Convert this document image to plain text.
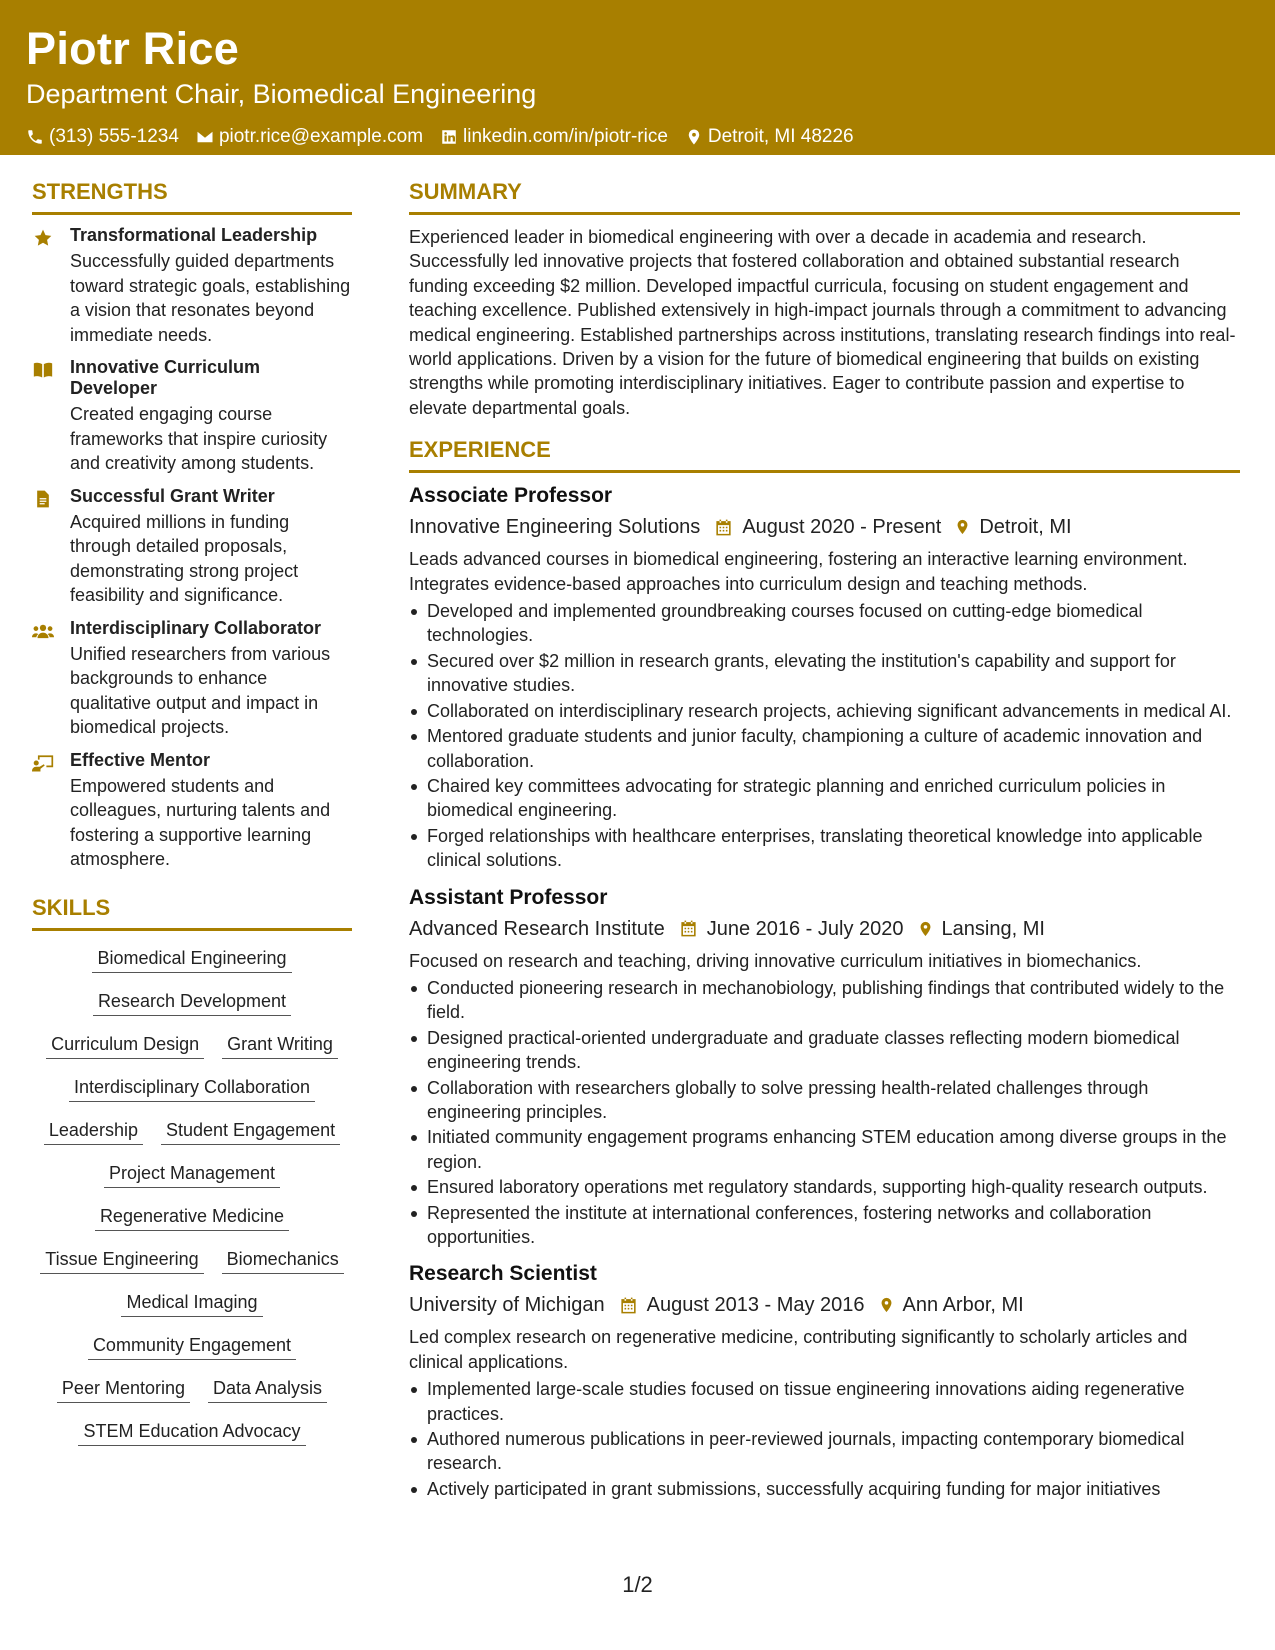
Piotr Rice
Department Chair, Biomedical Engineering
(313) 555-1234 piotr.rice@example.com linkedin.com/in/piotr-rice Detroit, MI 48226
STRENGTHS
Transformational Leadership
Successfully guided departments toward strategic goals, establishing a vision that resonates beyond immediate needs.
Innovative Curriculum Developer
Created engaging course frameworks that inspire curiosity and creativity among students.
Successful Grant Writer
Acquired millions in funding through detailed proposals, demonstrating strong project feasibility and significance.
Interdisciplinary Collaborator
Unified researchers from various backgrounds to enhance qualitative output and impact in biomedical projects.
Effective Mentor
Empowered students and colleagues, nurturing talents and fostering a supportive learning atmosphere.
SKILLS
Biomedical Engineering
Research Development
Curriculum Design Grant Writing
Interdisciplinary Collaboration
Leadership Student Engagement
Project Management
Regenerative Medicine
Tissue Engineering Biomechanics
Medical Imaging
Community Engagement
Peer Mentoring Data Analysis
STEM Education Advocacy
SUMMARY
Experienced leader in biomedical engineering with over a decade in academia and research. Successfully led innovative projects that fostered collaboration and obtained substantial research funding exceeding $2 million. Developed impactful curricula, focusing on student engagement and teaching excellence. Published extensively in high-impact journals through a commitment to advancing medical engineering. Established partnerships across institutions, translating research findings into real-world applications. Driven by a vision for the future of biomedical engineering that builds on existing strengths while promoting interdisciplinary initiatives. Eager to contribute passion and expertise to elevate departmental goals.
EXPERIENCE
Associate Professor
Innovative Engineering Solutions August 2020 - Present Detroit, MI
Leads advanced courses in biomedical engineering, fostering an interactive learning environment. Integrates evidence-based approaches into curriculum design and teaching methods.
Developed and implemented groundbreaking courses focused on cutting-edge biomedical technologies.
Secured over $2 million in research grants, elevating the institution's capability and support for innovative studies.
Collaborated on interdisciplinary research projects, achieving significant advancements in medical AI.
Mentored graduate students and junior faculty, championing a culture of academic innovation and collaboration.
Chaired key committees advocating for strategic planning and enriched curriculum policies in biomedical engineering.
Forged relationships with healthcare enterprises, translating theoretical knowledge into applicable clinical solutions.
Assistant Professor
Advanced Research Institute June 2016 - July 2020 Lansing, MI
Focused on research and teaching, driving innovative curriculum initiatives in biomechanics.
Conducted pioneering research in mechanobiology, publishing findings that contributed widely to the field.
Designed practical-oriented undergraduate and graduate classes reflecting modern biomedical engineering trends.
Collaboration with researchers globally to solve pressing health-related challenges through engineering principles.
Initiated community engagement programs enhancing STEM education among diverse groups in the region.
Ensured laboratory operations met regulatory standards, supporting high-quality research outputs.
Represented the institute at international conferences, fostering networks and collaboration opportunities.
Research Scientist
University of Michigan August 2013 - May 2016 Ann Arbor, MI
Led complex research on regenerative medicine, contributing significantly to scholarly articles and clinical applications.
Implemented large-scale studies focused on tissue engineering innovations aiding regenerative practices.
Authored numerous publications in peer-reviewed journals, impacting contemporary biomedical research.
Actively participated in grant submissions, successfully acquiring funding for major initiatives
1/2
